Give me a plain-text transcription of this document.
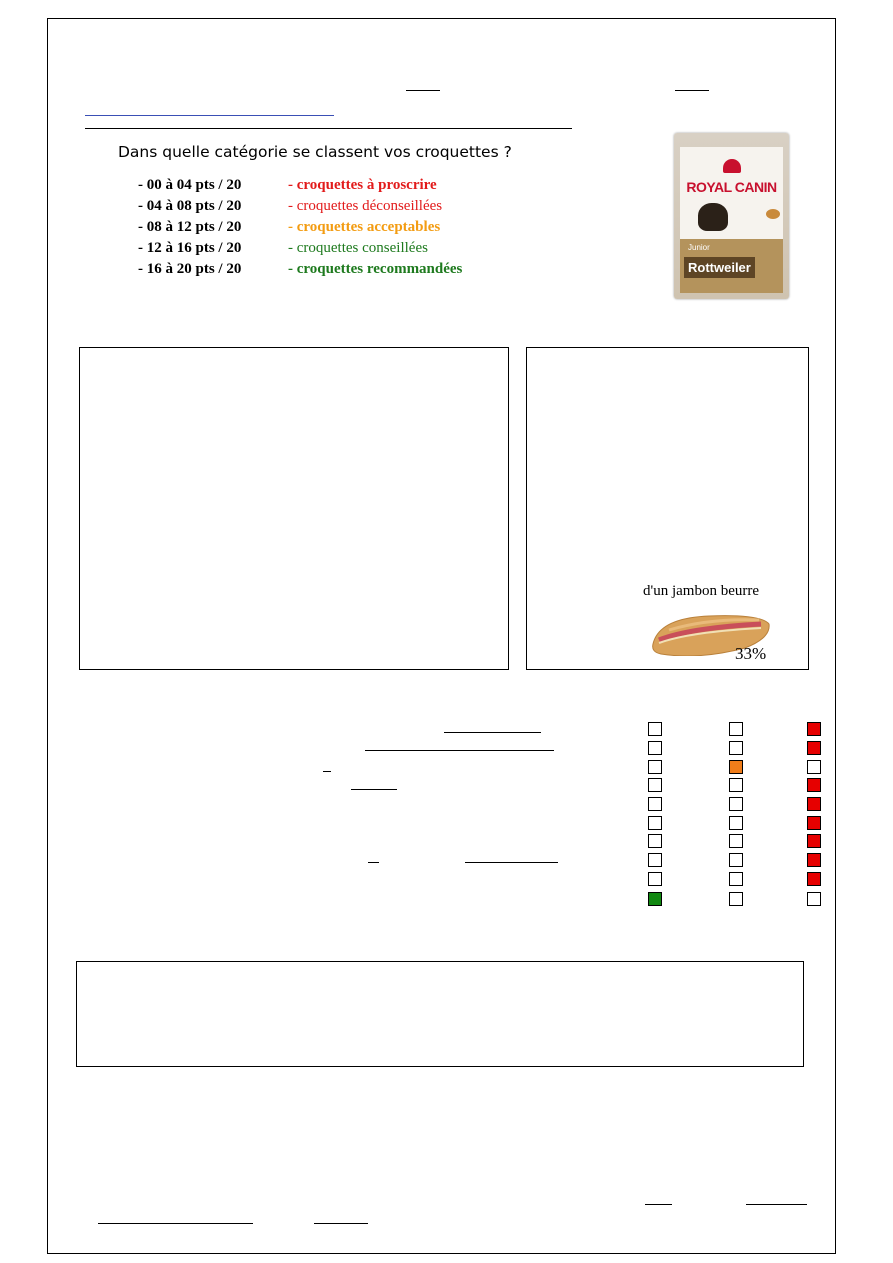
Dans quelle catégorie se classent vos croquettes ?
- 00 à 04 pts / 20	- croquettes à proscrire
- 04 à 08 pts / 20	- croquettes déconseillées
- 08 à 12 pts / 20	- croquettes acceptables
- 12 à 16 pts / 20	- croquettes conseillées
- 16 à 20 pts / 20	- croquettes recommandées
ROYAL CANIN
Junior
Rottweiler
d'un jambon beurre
33%
